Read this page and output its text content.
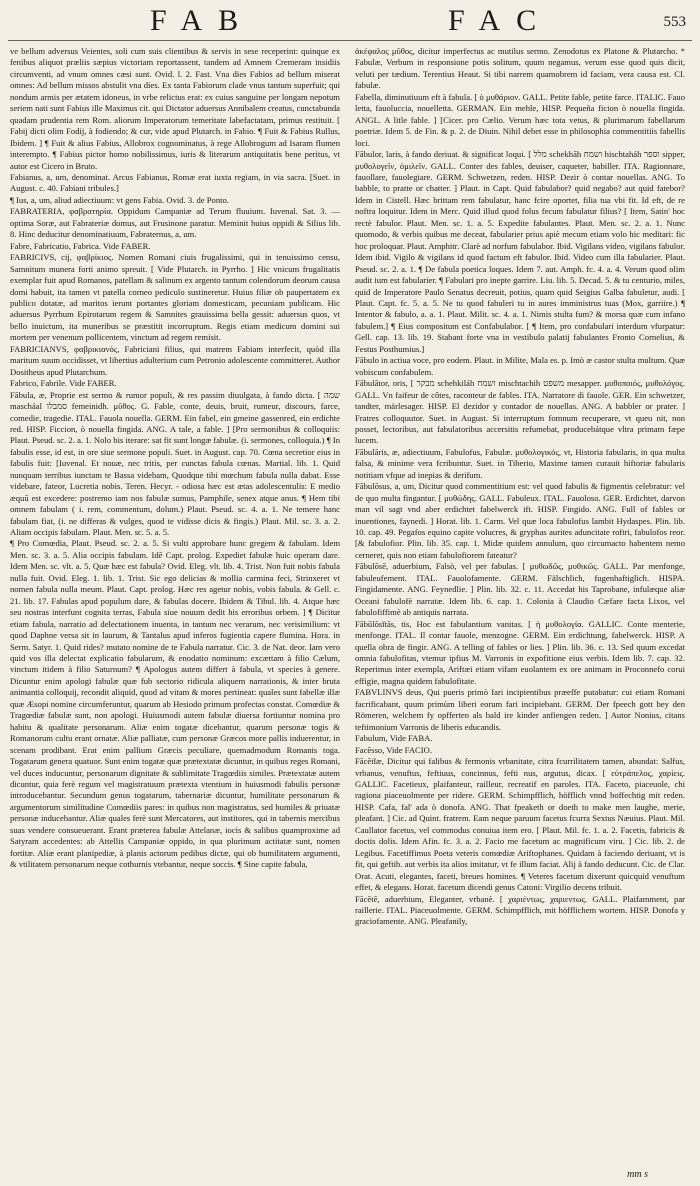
FAB	FAC	553

ve bellum adversus Veientes, soli cum suis clientibus & servis in sese receperint: quinque ex fenibus aliquot præliis sæpius victoriam reportassent, tandem ad Amnem Cremeram insidiis circumventi, ad vnum omnes cæsi sunt. Ovid. l. 2. Fast. Vna dies Fabios ad bellum miserat omnes: Ad bellum missos abstulit vna dies. Ex tanta Fabiorum clade vnus tantum superfuit; qui nondum armis per ætatem idoneus, in vrbe relictus erat: ex cuius sanguine per longam nepotum seriem nati sunt Fabius ille Maximus cit. qui Dictator aduersus Annibalem creatus, cunctabunda quadam prudentia rem Rom. aliorum Imperatorum temeritate labefactatam, primus restituit. [ Fabij dicti olim Fodij, à fodiendo; & cur, vide apud Plutarch. in Fabio. ¶ Fuit & Fabius Rullus, Ibidem. ] ¶ Fuit & alius Fabius, Allobrox cognominatus, à rege Allobrogum ad Isaram flumen interempto. ¶ Fabius pictor homo nobilissimus, iuris & literarum antiquitatis bene peritus, vt autor est Cicero in Bruto.

Fabianus, a, um, denominat. Arcus Fabianus, Romæ erat iuxta regiam, in via sacra. [Suet. in August. c. 40. Fabiani tribules.]

¶ Ius, a, um, aliud adiectiuum: vt gens Fabia. Ovid. 3. de Ponto.

FABRATERIA, φαβρατηρία. Oppidum Campaniæ ad Terum fluuium. Iuvenal. Sat. 3. — optima Soræ, aut Fabrateriæ domus, aut Frusinone paratur. Meminit huius oppidi & Silius lib. 8. Hinc deducitur denominatiuum, Fabraternus, a, um.

Fabre, Fabricatio, Fabrica. Vide FABER.

FABRICIVS, cij, φαβρίκιος. Nomen Romani ciuis frugalissimi, qui in tenuissimo censu, Samnitum munera forti animo spreuit. [ Vide Plutarch. in Pyrrho. ] Hic vnicum frugalitatis exemplar fuit apud Romanos, patellam & salinum ex argento tantum colendorum deorum causa domi habuit, ita tamen vt patella corneo pediculo sustineretur. Huius filiæ ob paupertatem ex publico dotatæ, ad maritos ierunt portantes gloriam domesticam, pecuniam publicam. Hic aduersus Pyrrhum Epirotarum regem & Samnites grauissima bella gessit: aduersus quos, vt bello inuictum, ita muneribus se præstitit incorruptum. Regis etiam medicum domini sui mortem per venenum pollicentem, vinctum ad regem remisit.

FABRICIANVS, φαβρικιανός, Fabriciani filius, qui matrem Fabiam interfecit, quòd illa maritum suum occidisset, vt libertius adulterium cum Petronio adolescente committeret. Author Dositheus apud Plutarchum.

Fabrico, Fabrile. Vide FABER.

Fābula, æ, Proprie est sermo & rumor populi, & res passim diuulgata, à fando dicta. [ שמה mascháal סמבלו femeinidh. μῦθος. G. Fable, conte, deuis, bruit, rumeur, discours, farce, comedie, tragedie. ITAL. Fauola nouella. GERM. Ein fabel, ein gmeine gassenred, ein erdichte red. HISP. Ficcion, ò nouella fingida. ANG. A tale, a fable. ] [Pro sermonibus & colloquiis: Plaut. Pseud. sc. 2. a. 1. Nolo bis iterare: sat fit sunt longæ fabulæ. (i. sermones, colloquia.) ¶ In fabulis esse, id est, in ore siue sermone populi. Suet. in August. cap. 70. Cœna secretior eius in fabulis fuit: [Iuvenal. Et nouæ, nec tritis, per cunctas fabula cœnas. Martial. lib. 1. Quid nunquam terribus iunctam te Bassa videbam, Quodque tibi mœchum fabula nulla dabat. Esse videbare, fateor, Lucretia nobis. Teren. Hecyr. - odiosa hæc est ætas adolescentulis: E medio æquū est excedere: postremo iam nos fabulæ sumus, Pamphile, senex atque anus. ¶ Hem tibi omnem fabulam ( i. rem, commentum, dolum.) Plaut. Pseud. sc. 4. a. 1. Ne temere hanc fabulam fiat, (i. ne differas & vulges, quod te vidisse dicis & fingis.) Plaut. Mil. sc. 3. a. 2. Aliam occipis fabulam. Plaut. Men. sc. 5. a. 5.

¶ Pro Comœdia, Plaut. Pseud. sc. 2. a. 5. Si vulti approbare hunc gregem & fabulam. Idem Men. sc. 3. a. 5. Alia occipis fabulam. Idē Capt. prolog. Expediet fabulæ huic operam dare. Idem Men. sc. vlt. a. 5. Quæ hæc est fabula? Ovid. Eleg. vlt. lib. 4. Trist. Non fuit nobis fabula nulla fuit. Ovid. Eleg. 1. lib. 1. Trist. Sic ego delicias & mollia carmina feci, Strinxeret vt nomen fabula nulla meum. Plaut. Capt. prolog. Hæc res agetur nobis, vobis fabula. & Gell. c. 21. lib. 17. Fabulas apud populum dare, & fabulas docere. Ibidem & Tibul. lib. 4. Atque hæc seu nostras interfunt cognita terras, Fabula siue nouum dedit his erroribus orbem. ] ¶ Dicitur etiam fabula, narratio ad delectationem inuenta, in tantum nec verarum, nec verisimilium: vt quod Daphne versa sit in laurum, & Tantalus apud inferos fugientia capere flumina. Hora. in Serm. Satyr. 1. Quid rides? mutato nomine de te Fabula narratur. Cic. 3. de Nat. deor. Iam vero quid vos illa delectat explicatio fabularum, & enodatio nominum: excættam à filio Cælum, vinctum itidem à filio Saturnum? ¶ Apologus autem differt à fabula, vt species à genere. Dicuntur enim apologi fabulæ quæ fub sectorio ridicula aliquem narrationis, & inter bruta animantia colloquij, recondit aliquid, quod ad vitam & mores pertineat: quales sunt fabellæ illæ quæ Æsopi nomine circumferuntur, quarum ab Hesiodo primum profectas constat. Comœdiæ & Tragœdiæ fabulæ sunt, non apologi. Huiusmodi autem fabulæ diuersa fortiuntur nomina pro habitu & qualitate personarum. Aliæ enim togatæ dicebantur, quarum personæ togis & Romanorum cultu erant ornatæ. Aliæ palliatæ, cum personæ Græcos more pallis induerentur, in scenam prodibant. Erat enim pallium Græcis peculiare, quemadmodum Romanis toga. Togatarum genera quatuor. Sunt enim togatæ quæ prætextatæ dicuntur, in quibus reges Romani, vel duces inducuntur, personarum dignitate & sublimitate Tragœdiis similes. Prætextatæ autem dicuntur, quia ferè regum vel magistratuum prætexta vtentium in huiusmodi fabulis personæ introducebantur. Secundum genus togatarum, tabernariæ dicuntur, humilitate personarum & argumentorum similitudine Comœdiis pares: in quibus non magistratus, sed humiles & priuatæ personæ inducebantur. Aliæ quales ferè sunt Mercatores, aut institores, qui in tabernis mercibus suas vendere consueuerant. Erant præterea fabulæ Attelanæ, iocis & salibus quamproxime ad Satyram accedentes: ab Attellis Campaniæ oppido, in qua plurimum actitatæ sunt, nomen fortitæ. Aliæ erant planipediæ, à planis actorum pedibus dictæ, qui ob humilitatem argumenti, & vtilitatem personarum neque cothurnis vtebantur, neque soccis. ¶ Sine capite fabula,

ἀκέφαλος μῦθος, dicitur imperfectus ac mutilus sermo. Zenodotus ex Platone & Plutarcho. * Fabulæ, Verbum in responsione potis solitum, quum negamus, verum esse quod quis dicit, veluti per tædium. Terentius Heaut. Si tibi narrem quamobrem id faciam, vera causa est. CI. fabulæ.

Fabella, diminutiuum eft à fabula. [ ὁ μυθάριον. GALL. Petite fable, petite farce. ITALIC. Fauo letta, fauoluccia, nouelletta. GERMAN. Ein mehle, HISP. Pequeña ficion ò nouella fingida. ANGL. A litle fable. ] [Cicer. pro Cælio. Verum hæc tota vetus, & plurimarum fabellarum poetriæ. Idem 5. de Fin. & p. 2. de Diuin. Nihil debet esse in philosophia commentitiis fabellis loci.

Fābulor, laris, à fando deriuat. & significat loqui. [ מלל schekhāh ושמח hischtaháh וספר sipper, μυθολογεῖν, ὁμιλεῖν. GALL. Conter des fables, deuiser, caqueter, babiller. ITA. Ragionnare, fauollare, fauolegiare. GERM. Schwetzen, reden. HISP. Dezir ò contar nouellas. ANG. To babble, to pratte or chatter. ] Plaut. in Capt. Quid fabulabor? quid negabo? aut quid fatebor? Idem in Cistell. Hæc brittam rem fabulatur, hanc fcire oportet, filia tua vbi fit. Id eft, de re noftra loquitur. Idem in Merc. Quid illud quod folus fecum fabulatur filius? [ Item, Satin' hoc rectè fabulor. Plaut. Men. sc. 1. a. 5. Expedite fabulantes. Plaut. Men. sc. 2. a. 1. Nunc quomodo, & verbis quibus me deceat, fabularier prius apiè mecum etiam volo hic meditari: fic hoc proloquar. Plaut. Amphitr. Clarè ad norfum fabulabor. Ibid. Vigilans video, vigilans fabulor. Idem ibid. Vigilo & vigilans id quod factum eft fabulor. Ibid. Video cum illa fabularier. Plaut. Pseud. sc. 2. a. 1. ¶ De fabula poetica loques. Idem 7. aut. Amph. fc. 4. a. 4. Verum quod olim audit ium est fabularier. ¶ Fabulari pro inepte garrire. Liu. lib. 5. Decad. 5. & tu centurio, miles, quid de Imperatore Paulo Senatus decreuit, potius, quam quid Seigius Galba fabuletur, audi. [ Plaut. Capt. fc. 5. a. 5. Ne tu quod fabuleri tu in aures imministrus tuas (Mox, garriire.) ¶ Intentor & fabulo, a. a. 1. Plaut. Milit. sc. 4. a. 1. Nimis stulta fum? & morsa quæ cum infano fabulem.] ¶ Eius compositum est Confabulabor. [ ¶ Item, pro confabulari interdum vfurpatur: Gell. cap. 13. lib. 19. Stabant forte vna in vestibulo palatij fabulantes Fronto Cornelius, & Festus Posthumius.]

Fābulo in actiua voce, pro eodem. Plaut. in Milite, Mala es. p. Imò æ castor stulta multum. Quæ vobiscum confabulem.

Fābulātor, oris, [ מבקר schehkiláh ושמח mischtachih משפט mesapper. μυθοποιός, μυθολόγος. GALL. Vn faifeur de côtes, raconteur de fables. ITA. Narratore di fauole. GER. Ein schwetzer, tandter, märlesager. HISP. El dezidor y contador de nouellas. ANG. A babbler or prater. ] Fratres colloquutor. Suet. in August. Si interruptum fomnum recuperare, vt queu nit, non posset, lectoribus, aut fabulatoribus accersitis refumebat, producebátque vltra primam fæpe lucem.

Fābulāris, æ, adiectiuum, Fabulofus, Fabulæ. μυθολογικός, vt, Historia fabularis, in qua multa falsa, & minime vera fcribuntur. Suet. in Tiberio, Maxime tamen curauit hiftoriæ fabularis notitiam vfque ad inepias & derifum.

Fābulōsus, a, um, Dicitur quod commentitium est: vel quod fabulis & figmentis celebratur: vel de quo multa fingantur. [ μυθώδης. GALL. Fabuleux. ITAL. Fauoloso. GER. Erdichtet, darvon man vil sagt vnd aber erdichtet fabelwerck ift. HISP. Fingido. ANG. Full of fables or inuentiones, faynedi. ] Horat. lib. 1. Carm. Vel quæ loca fabulofus lambit Hydaspes. Plin. lib. 10. cap. 49. Pegafos equino capite volucres, & gryphas aurites aduncitate roftri, fabulofos reor. [& fabulofior. Plin. lib. 35. cap. 1. Midæ quidem annulum, quo circumacto habentem nemo cerneret, quis non etiam fabulofiorem fateatur?

Fābulōsē, aduerbium, Falsò, vel per fabulas. [ μυθωδῶς, μυθικῶς. GALL. Par menfonge, fabuleufement. ITAL. Fauolofamente. GERM. Fälschlich, fugenhaftiglich. HISPA. Fingidamente. ANG. Feynedlie. ] Plin. lib. 32. c. 11. Accedat his Taprobane, infulæque aliæ Oceani fabulofè narratæ. Idem lib. 6. cap. 1. Colonia à Claudio Cæfare facta Lixos, vel fabulofiffimè ab antiquis narrata.

Fābūlōsĭtās, tis, Hoc est fabulantium vanitas. [ ἡ μυθολογία. GALLIC. Conte menterie, menfonge. ITAL. Il contar fauole, menzogne. GERM. Ein erdichtung, fabelwerck. HISP. A quella obra de fingir. ANG. A telling of fables or lies. ] Plin. lib. 36. c. 13. Sed quum excedat omnia fabulofitas, vtemur ipfius M. Varronis in expofitione eius verbis. Idem lib. 7. cap. 32. Reperimus inter exempla, Ariftæi etiam vifam euolantem ex ore animam in Proconnefo corui effigie, magna quidem fabulofitate.

FABVLINVS deus, Qui pueris primò fari incipientibus præeffe putabatur: cui etiam Romani facrificabant, quum primùm liberi eorum fari incipiebant. GERM. Der fpeech gott bey den Römeren, welchem fy opfferten als bald ire kinder anfiengen reden. ] Autor Nonius, citans teftimonium Varronis de liberis educandis.

Fabulum, Vide FABA.

Facĕsso, Vide FACIO.

Fācētĭæ, Dicitur qui falibus & fermonis vrbanitate, citra fcurrilitatem tamen, abundat: Salfus, vrbanus, venuftus, feftiuus, concinnus, fefti nus, argutus, dicax. [ εὐτράπελος, χαρίεις. GALLIC. Facetieux, plaifanteur, railleur, recreatif en paroles. ITA. Faceto, piaceuole, chi ragiona piaceuolmente per ridere. GERM. Schimpfflich, höfflich vnnd boffechtig mit reden. HISP. Cafa, fal' ada ò donofa. ANG. That fpeaketh or doeth to make men laughe, merie, pleafant. ] Cic. ad Quint. fratrem. Eam neque paruum facetus fcurra Sextus Næuius. Plaut. Mil. Caullator facetus, vel commodus conuiua item ero. [ Plaut. Mil. fc. 1. a. 2. Facetis, fabricis & doctis dolis. Idem Afin. fc. 3. a. 2. Facio me facetum ac magnificum viru. ] Cic. lib. 2. de Legibus. Facetiffimus Poeta veteris comœdiæ Ariftophanes. Quidam à faciendo deriuant, vt is fit, qui geftib. aut verbis ita alios imitatur, vt fe illum faciat. Alij à fando deducunt. Cic. de Clar. Orat. Acuti, elegantes, faceti, breues homines. ¶ Veteres facetum dixerunt quicquid venuftum effet, & elegans. Horat. facetum dicendi genus Catoni: Virgilio decens tribuit.

Fācētē, aduerbium, Eleganter, vrbanè. [ χαριέντως, χαριεντως. GALL. Plaifamment, par raillerie. ITAL. Piaceuolmente. GERM. Schimpfflich, mit höfflichem wortem. HISP. Donofa y graciofamente. ANG. Pleafanily,

mm s
